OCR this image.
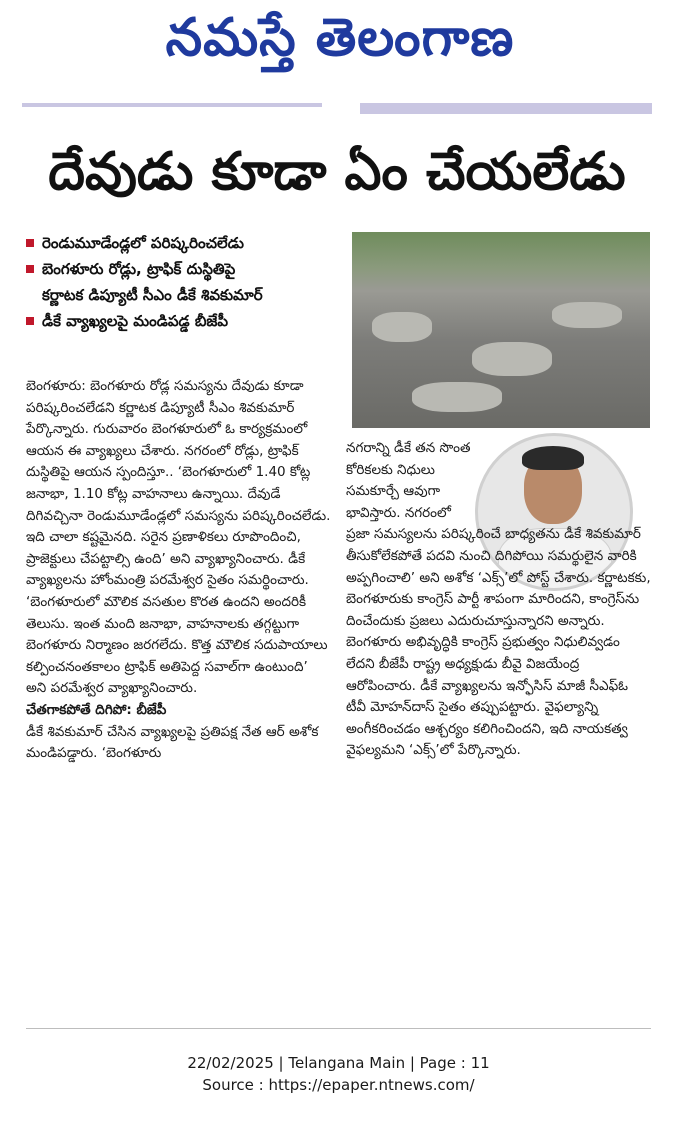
నమస్తే తెలంగాణ
దేవుడు కూడా ఏం చేయలేడు
రెండుమూడేండ్లలో పరిష్కరించలేడు
బెంగళూరు రోడ్లు, ట్రాఫిక్ దుస్థితిపై
కర్ణాటక డిప్యూటీ సీఎం డీకే శివకుమార్
డీకే వ్యాఖ్యలపై మండిపడ్డ బీజేపీ

బెంగళూరు: బెంగళూరు రోడ్ల సమస్యను దేవుడు కూడా పరిష్కరించలేడని కర్ణాటక డిప్యూటీ సీఎం శివకుమార్ పేర్కొన్నారు. గురువారం బెంగళూరులో ఓ కార్యక్రమంలో ఆయన ఈ వ్యాఖ్యలు చేశారు. నగరంలో రోడ్లు, ట్రాఫిక్ దుస్థితిపై ఆయన స్పందిస్తూ.. ‘బెంగళూరులో 1.40 కోట్ల జనాభా, 1.10 కోట్ల వాహనాలు ఉన్నాయి. దేవుడే దిగివచ్చినా రెండుమూడేండ్లలో సమస్యను పరిష్కరించలేడు. ఇది చాలా కష్టమైనది. సరైన ప్రణాళికలు రూపొందించి, ప్రాజెక్టులు చేపట్టాల్సి ఉంది’ అని వ్యాఖ్యానించారు. డీకే వ్యాఖ్యలను హోంమంత్రి పరమేశ్వర సైతం సమర్థించారు. ‘బెంగళూరులో మౌలిక వసతుల కొరత ఉందని అందరికీ తెలుసు. ఇంత మంది జనాభా, వాహనాలకు తగ్గట్టుగా బెంగళూరు నిర్మాణం జరగలేదు. కొత్త మౌలిక సదుపాయాలు కల్పించనంతకాలం ట్రాఫిక్ అతిపెద్ద సవాల్‌గా ఉంటుంది’ అని పరమేశ్వర వ్యాఖ్యానించారు.

చేతగాకపోతే దిగిపో: బీజేపీ

డీకే శివకుమార్ చేసిన వ్యాఖ్యలపై ప్రతిపక్ష నేత ఆర్ అశోక మండిపడ్డారు. ‘బెంగళూరు

నగరాన్ని డీకే తన సొంత కోరికలకు నిధులు సమకూర్చే ఆవుగా భావిస్తారు. నగరంలో

ప్రజా సమస్యలను పరిష్కరించే బాధ్యతను డీకే శివకుమార్ తీసుకోలేకపోతే పదవి నుంచి దిగిపోయి సమర్థులైన వారికి అప్పగించాలి’ అని అశోక ‘ఎక్స్’లో పోస్ట్ చేశారు. కర్ణాటకకు, బెంగళూరుకు కాంగ్రెస్ పార్టీ శాపంగా మారిందని, కాంగ్రెస్‌ను దించేందుకు ప్రజలు ఎదురుచూస్తున్నారని అన్నారు. బెంగళూరు అభివృద్ధికి కాంగ్రెస్ ప్రభుత్వం నిధులివ్వడం లేదని బీజేపీ రాష్ట్ర అధ్యక్షుడు బీవై విజయేంద్ర ఆరోపించారు. డీకే వ్యాఖ్యలను ఇన్ఫోసిస్ మాజీ సీఎఫ్‌ఓ టీవీ మోహన్‌దాస్ సైతం తప్పుపట్టారు. వైఫల్యాన్ని అంగీకరించడం ఆశ్చర్యం కలిగించిందని, ఇది నాయకత్వ వైఫల్యమని ‘ఎక్స్’లో పేర్కొన్నారు.

22/02/2025 | Telangana Main | Page : 11
Source : https://epaper.ntnews.com/
